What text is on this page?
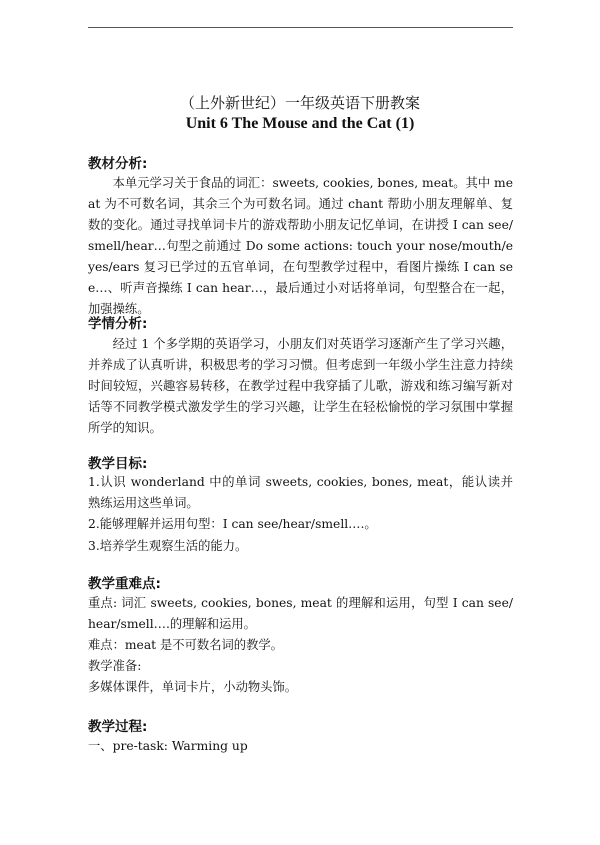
（上外新世纪）一年级英语下册教案
Unit 6 The Mouse and the Cat (1)
教材分析:
本单元学习关于食品的词汇：sweets, cookies, bones, meat。其中 meat 为不可数名词，其余三个为可数名词。通过 chant 帮助小朋友理解单、复数的变化。通过寻找单词卡片的游戏帮助小朋友记忆单词，在讲授 I can see/smell/hear…句型之前通过 Do some actions: touch your nose/mouth/eyes/ears 复习已学过的五官单词，在句型教学过程中，看图片操练 I can see…、听声音操练 I can hear…，最后通过小对话将单词，句型整合在一起，加强操练。
学情分析:
经过 1 个多学期的英语学习，小朋友们对英语学习逐渐产生了学习兴趣，并养成了认真听讲，积极思考的学习习惯。但考虑到一年级小学生注意力持续时间较短，兴趣容易转移，在教学过程中我穿插了儿歌，游戏和练习编写新对话等不同教学模式激发学生的学习兴趣，让学生在轻松愉悦的学习氛围中掌握所学的知识。
教学目标:
1.认识 wonderland 中的单词 sweets, cookies, bones, meat，能认读并熟练运用这些单词。
2.能够理解并运用句型：I can see/hear/smell….。
3.培养学生观察生活的能力。
教学重难点:
重点: 词汇 sweets, cookies, bones, meat 的理解和运用，句型 I can see/hear/smell….的理解和运用。
难点：meat 是不可数名词的教学。
教学准备:
多媒体课件，单词卡片，小动物头饰。
教学过程:
一、pre-task: Warming up
